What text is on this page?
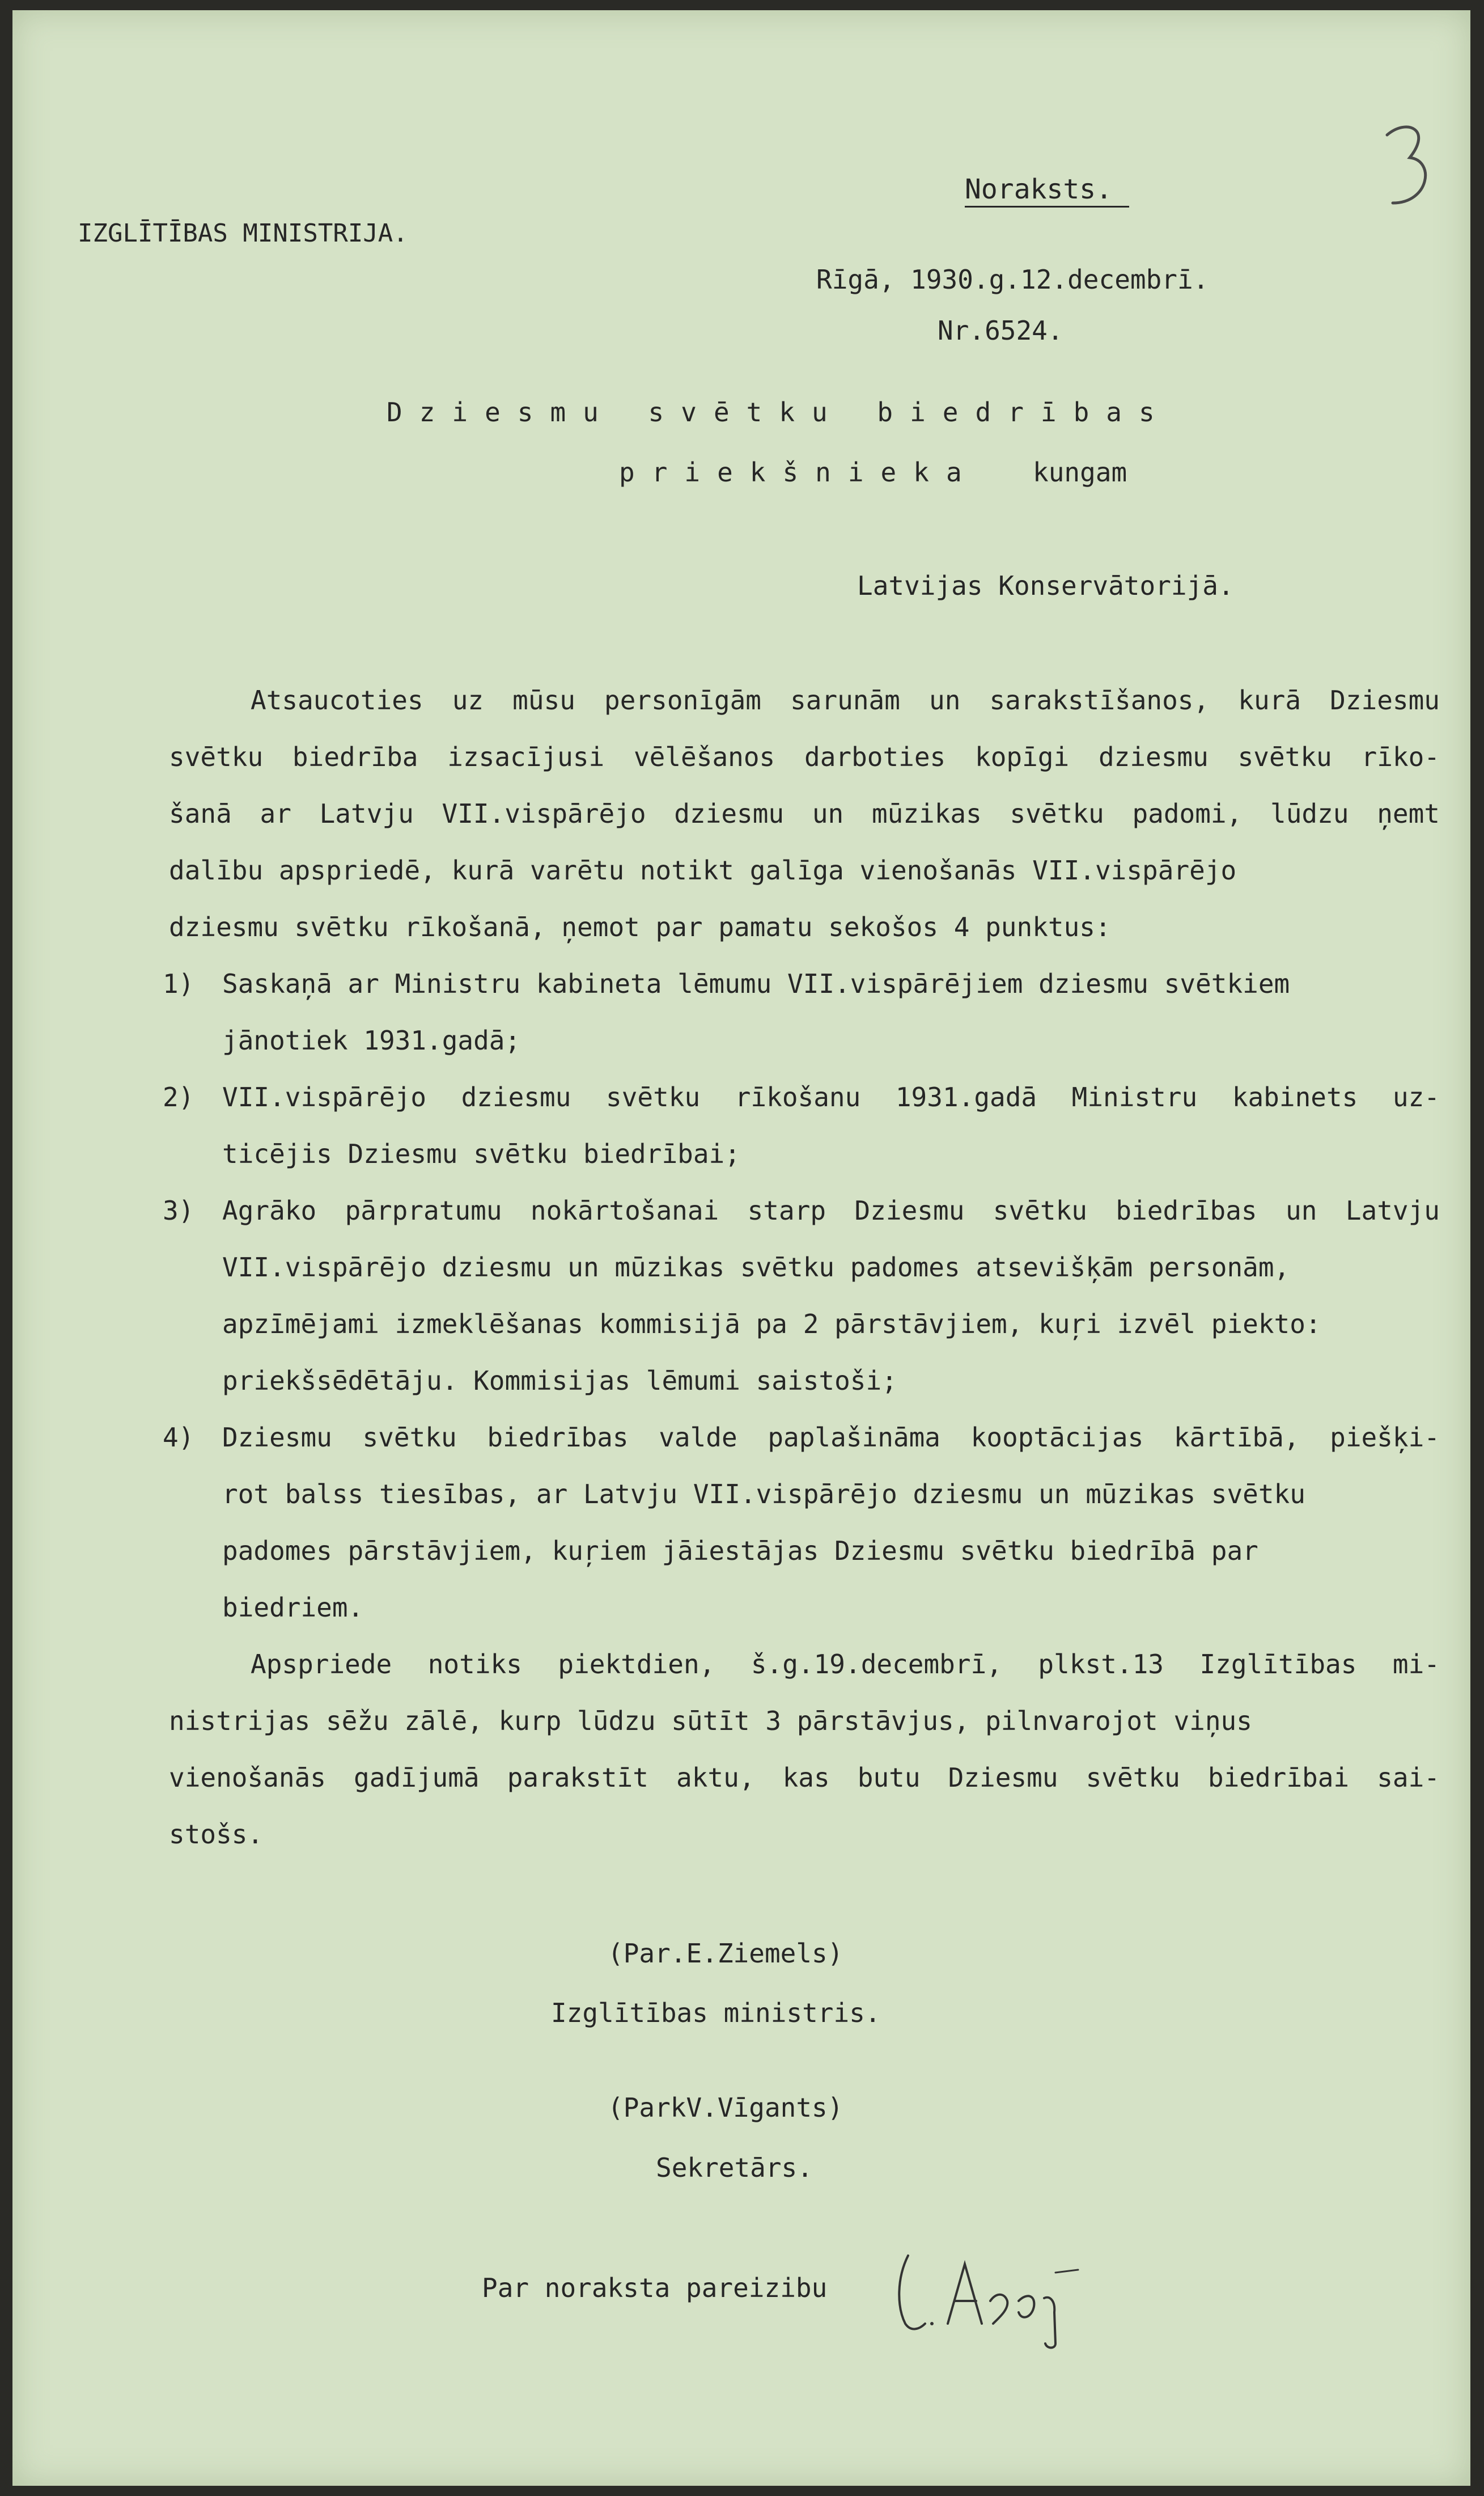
Noraksts.
IZGLĪTĪBAS MINISTRIJA.
Rīgā, 1930.g.12.decembrī.
Nr.6524.
Dziesmu svētku biedrības
priekšnieka kungam
Latvijas Konservātorijā.
Atsaucoties uz mūsu personīgām sarunām un sarakstīšanos, kurā Dziesmu
svētku biedrība izsacījusi vēlēšanos darboties kopīgi dziesmu svētku rīko-
šanā ar Latvju VII.vispārējo dziesmu un mūzikas svētku padomi, lūdzu ņemt
dalību apspriedē, kurā varētu notikt galīga vienošanās VII.vispārējo
dziesmu svētku rīkošanā, ņemot par pamatu sekošos 4 punktus:
1) Saskaņā ar Ministru kabineta lēmumu VII.vispārējiem dziesmu svētkiem
jānotiek 1931.gadā;
2) VII.vispārējo dziesmu svētku rīkošanu 1931.gadā Ministru kabinets uz-
ticējis Dziesmu svētku biedrībai;
3) Agrāko pārpratumu nokārtošanai starp Dziesmu svētku biedrības un Latvju
VII.vispārējo dziesmu un mūzikas svētku padomes atsevišķām personām,
apzīmējami izmeklēšanas kommisijā pa 2 pārstāvjiem, kuŗi izvēl piekto:
priekšsēdētāju. Kommisijas lēmumi saistoši;
4) Dziesmu svētku biedrības valde paplašināma kooptācijas kārtībā, piešķi-
rot balss tiesības, ar Latvju VII.vispārējo dziesmu un mūzikas svētku
padomes pārstāvjiem, kuŗiem jāiestājas Dziesmu svētku biedrībā par
biedriem.
Apspriede notiks piektdien, š.g.19.decembrī, plkst.13 Izglītības mi-
nistrijas sēžu zālē, kurp lūdzu sūtīt 3 pārstāvjus, pilnvarojot viņus
vienošanās gadījumā parakstīt aktu, kas butu Dziesmu svētku biedrībai sai-
stošs.
(Par.E.Ziemels)
Izglītības ministris.
(ParkV.Vīgants)
Sekretārs.
Par noraksta pareizibu
